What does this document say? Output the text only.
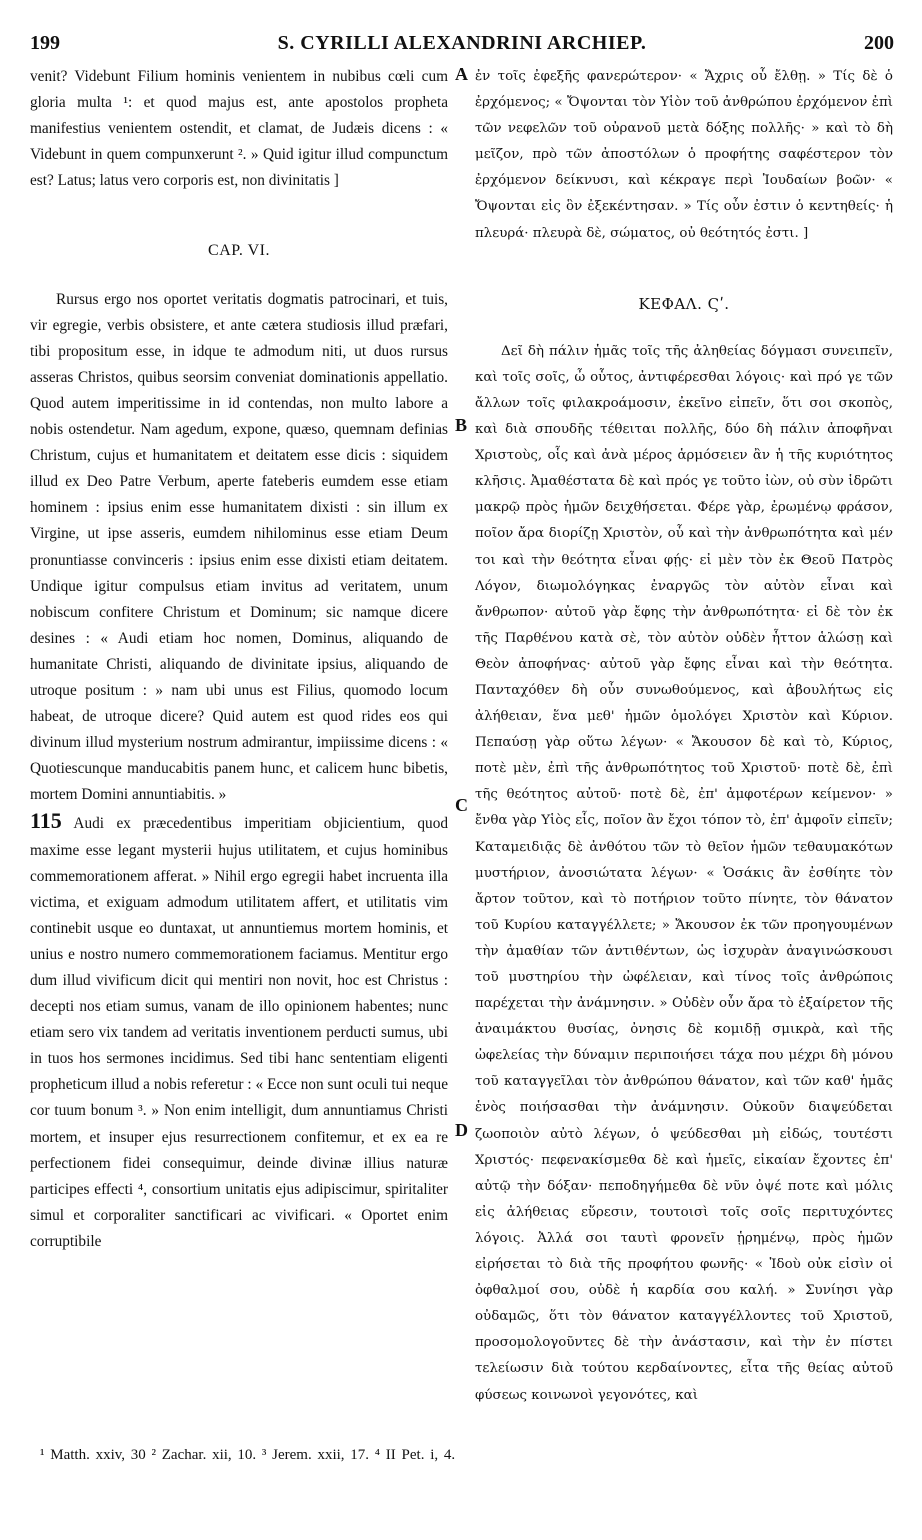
199	S. CYRILLI ALEXANDRINI ARCHIEP.	200

venit? Videbunt Filium hominis venientem in nubibus cœli cum gloria multa ¹: et quod majus est, ante apostolos propheta manifestius venientem ostendit, et clamat, de Judæis dicens : « Videbunt in quem compunxerunt ². » Quid igitur illud compunctum est? Latus; latus vero corporis est, non divinitatis ]

CAP. VI.

Rursus ergo nos oportet veritatis dogmatis patrocinari, et tuis, vir egregie, verbis obsistere, et ante cætera studiosis illud præfari, tibi propositum esse, in idque te admodum niti, ut duos rursus asseras Christos, quibus seorsim conveniat dominationis appellatio. Quod autem imperitissime in id contendas, non multo labore a nobis ostendetur. Nam agedum, expone, quæso, quemnam definias Christum, cujus et humanitatem et deitatem esse dicis : siquidem illud ex Deo Patre Verbum, aperte fateberis eumdem esse etiam hominem : ipsius enim esse humanitatem dixisti : sin illum ex Virgine, ut ipse asseris, eumdem nihilominus esse etiam Deum pronuntiasse convinceris : ipsius enim esse dixisti etiam deitatem. Undique igitur compulsus etiam invitus ad veritatem, unum nobiscum confitere Christum et Dominum; sic namque dicere desines : « Audi etiam hoc nomen, Dominus, aliquando de humanitate Christi, aliquando de divinitate ipsius, aliquando de utroque positum : » nam ubi unus est Filius, quomodo locum habeat, de utroque dicere? Quid autem est quod rides eos qui divinum illud mysterium nostrum admirantur, impiissime dicens : « Quotiescunque manducabitis panem hunc, et calicem hunc bibetis, mortem Domini annuntiabitis. »

115 Audi ex præcedentibus imperitiam objicientium, quod maxime esse legant mysterii hujus utilitatem, et cujus hominibus commemorationem afferat. » Nihil ergo egregii habet incruenta illa victima, et exiguam admodum utilitatem affert, et utilitatis vim continebit usque eo duntaxat, ut annuntiemus mortem hominis, et unius e nostro numero commemorationem faciamus. Mentitur ergo dum illud vivificum dicit qui mentiri non novit, hoc est Christus : decepti nos etiam sumus, vanam de illo opinionem habentes; nunc etiam sero vix tandem ad veritatis inventionem perducti sumus, ubi in tuos hos sermones incidimus. Sed tibi hanc sententiam eligenti propheticum illud a nobis referetur : « Ecce non sunt oculi tui neque cor tuum bonum ³. » Non enim intelligit, dum annuntiamus Christi mortem, et insuper ejus resurrectionem confitemur, et ex ea re perfectionem fidei consequimur, deinde divinæ illius naturæ participes effecti ⁴, consortium unitatis ejus adipiscimur, spiritaliter simul et corporaliter sanctificari ac vivificari. « Oportet enim corruptibile

ἐν τοῖς ἐφεξῆς φανερώτερον· « Ἄχρις οὗ ἔλθῃ. » Τίς δὲ ὁ ἐρχόμενος; « Ὄψονται τὸν Υἱὸν τοῦ ἀνθρώπου ἐρχόμενον ἐπὶ τῶν νεφελῶν τοῦ οὐρανοῦ μετὰ δόξης πολλῆς· » καὶ τὸ δὴ μεῖζον, πρὸ τῶν ἀποστόλων ὁ προφήτης σαφέστερον τὸν ἐρχόμενον δείκνυσι, καὶ κέκραγε περὶ Ἰουδαίων βοῶν· « Ὄψονται εἰς ὃν ἐξεκέντησαν. » Τίς οὖν ἐστιν ὁ κεντηθείς· ἡ πλευρά· πλευρὰ δὲ, σώματος, οὐ θεότητός ἐστι. ]

ΚΕΦΑΛ. Ϛʹ.

Δεῖ δὴ πάλιν ἡμᾶς τοῖς τῆς ἀληθείας δόγμασι συνειπεῖν, καὶ τοῖς σοῖς, ὦ οὗτος, ἀντιφέρεσθαι λόγοις· καὶ πρό γε τῶν ἄλλων τοῖς φιλακροάμοσιν, ἐκεῖνο εἰπεῖν, ὅτι σοι σκοπὸς, καὶ διὰ σπουδῆς τέθειται πολλῆς, δύο δὴ πάλιν ἀποφῆναι Χριστοὺς, οἷς καὶ ἀνὰ μέρος ἁρμόσειεν ἂν ἡ τῆς κυριότητος κλῆσις. Ἀμαθέστατα δὲ καὶ πρός γε τοῦτο ἰὼν, οὐ σὺν ἱδρῶτι μακρῷ πρὸς ἡμῶν δειχθήσεται. Φέρε γὰρ, ἐρωμένῳ φράσον, ποῖον ἄρα διορίζῃ Χριστὸν, οὗ καὶ τὴν ἀνθρωπότητα καὶ μέν τοι καὶ τὴν θεότητα εἶναι φῄς· εἰ μὲν τὸν ἐκ Θεοῦ Πατρὸς Λόγον, διωμολόγηκας ἐναργῶς τὸν αὐτὸν εἶναι καὶ ἄνθρωπον· αὐτοῦ γὰρ ἔφης τὴν ἀνθρωπότητα· εἰ δὲ τὸν ἐκ τῆς Παρθένου κατὰ σὲ, τὸν αὐτὸν οὐδὲν ἧττον ἁλώσῃ καὶ Θεὸν ἀποφήνας· αὐτοῦ γὰρ ἔφης εἶναι καὶ τὴν θεότητα. Πανταχόθεν δὴ οὖν συνωθούμενος, καὶ ἀβουλήτως εἰς ἀλήθειαν, ἕνα μεθ' ἡμῶν ὁμολόγει Χριστὸν καὶ Κύριον. Πεπαύσῃ γὰρ οὕτω λέγων· « Ἄκουσον δὲ καὶ τὸ, Κύριος, ποτὲ μὲν, ἐπὶ τῆς ἀνθρωπότητος τοῦ Χριστοῦ· ποτὲ δὲ, ἐπὶ τῆς θεότητος αὐτοῦ· ποτὲ δὲ, ἐπ' ἀμφοτέρων κείμενον· » ἔνθα γὰρ Υἱὸς εἷς, ποῖον ἂν ἔχοι τόπον τὸ, ἐπ' ἀμφοῖν εἰπεῖν; Καταμειδιᾷς δὲ ἀνθότου τῶν τὸ θεῖον ἡμῶν τεθαυμακότων μυστήριον, ἀνοσιώτατα λέγων· « Ὁσάκις ἂν ἐσθίητε τὸν ἄρτον τοῦτον, καὶ τὸ ποτήριον τοῦτο πίνητε, τὸν θάνατον τοῦ Κυρίου καταγγέλλετε; » Ἄκουσον ἐκ τῶν προηγουμένων τὴν ἀμαθίαν τῶν ἀντιθέντων, ὡς ἰσχυρὰν ἀναγινώσκουσι τοῦ μυστηρίου τὴν ὠφέλειαν, καὶ τίνος τοῖς ἀνθρώποις παρέχεται τὴν ἀνάμνησιν. » Οὐδὲν οὖν ἄρα τὸ ἐξαίρετον τῆς ἀναιμάκτου θυσίας, ὀνησις δὲ κομιδῇ σμικρὰ, καὶ τῆς ὠφελείας τὴν δύναμιν περιποιήσει τάχα που μέχρι δὴ μόνου τοῦ καταγγεῖλαι τὸν ἀνθρώπου θάνατον, καὶ τῶν καθ' ἡμᾶς ἑνὸς ποιήσασθαι τὴν ἀνάμνησιν. Οὐκοῦν διαψεύδεται ζωοποιὸν αὐτὸ λέγων, ὁ ψεύδεσθαι μὴ εἰδώς, τουτέστι Χριστός· πεφενακίσμεθα δὲ καὶ ἡμεῖς, εἰκαίαν ἔχοντες ἐπ' αὐτῷ τὴν δόξαν· πεποδηγήμεθα δὲ νῦν ὀψέ ποτε καὶ μόλις εἰς ἀλήθειας εὕρεσιν, τουτοισὶ τοῖς σοῖς περιτυχόντες λόγοις. Ἀλλά σοι ταυτὶ φρονεῖν ᾑρημένῳ, πρὸς ἡμῶν εἰρήσεται τὸ διὰ τῆς προφήτου φωνῆς· « Ἰδοὺ οὐκ εἰσὶν οἱ ὀφθαλμοί σου, οὐδὲ ἡ καρδία σου καλή. » Συνίησι γὰρ οὐδαμῶς, ὅτι τὸν θάνατον καταγγέλλοντες τοῦ Χριστοῦ, προσομολογοῦντες δὲ τὴν ἀνάστασιν, καὶ τὴν ἐν πίστει τελείωσιν διὰ τούτου κερδαίνοντες, εἶτα τῆς θείας αὐτοῦ φύσεως κοινωνοὶ γεγονότες, καὶ

A
B
C
D
¹ Matth. xxiv, 30 ² Zachar. xii, 10. ³ Jerem. xxii, 17. ⁴ II Pet. i, 4.
